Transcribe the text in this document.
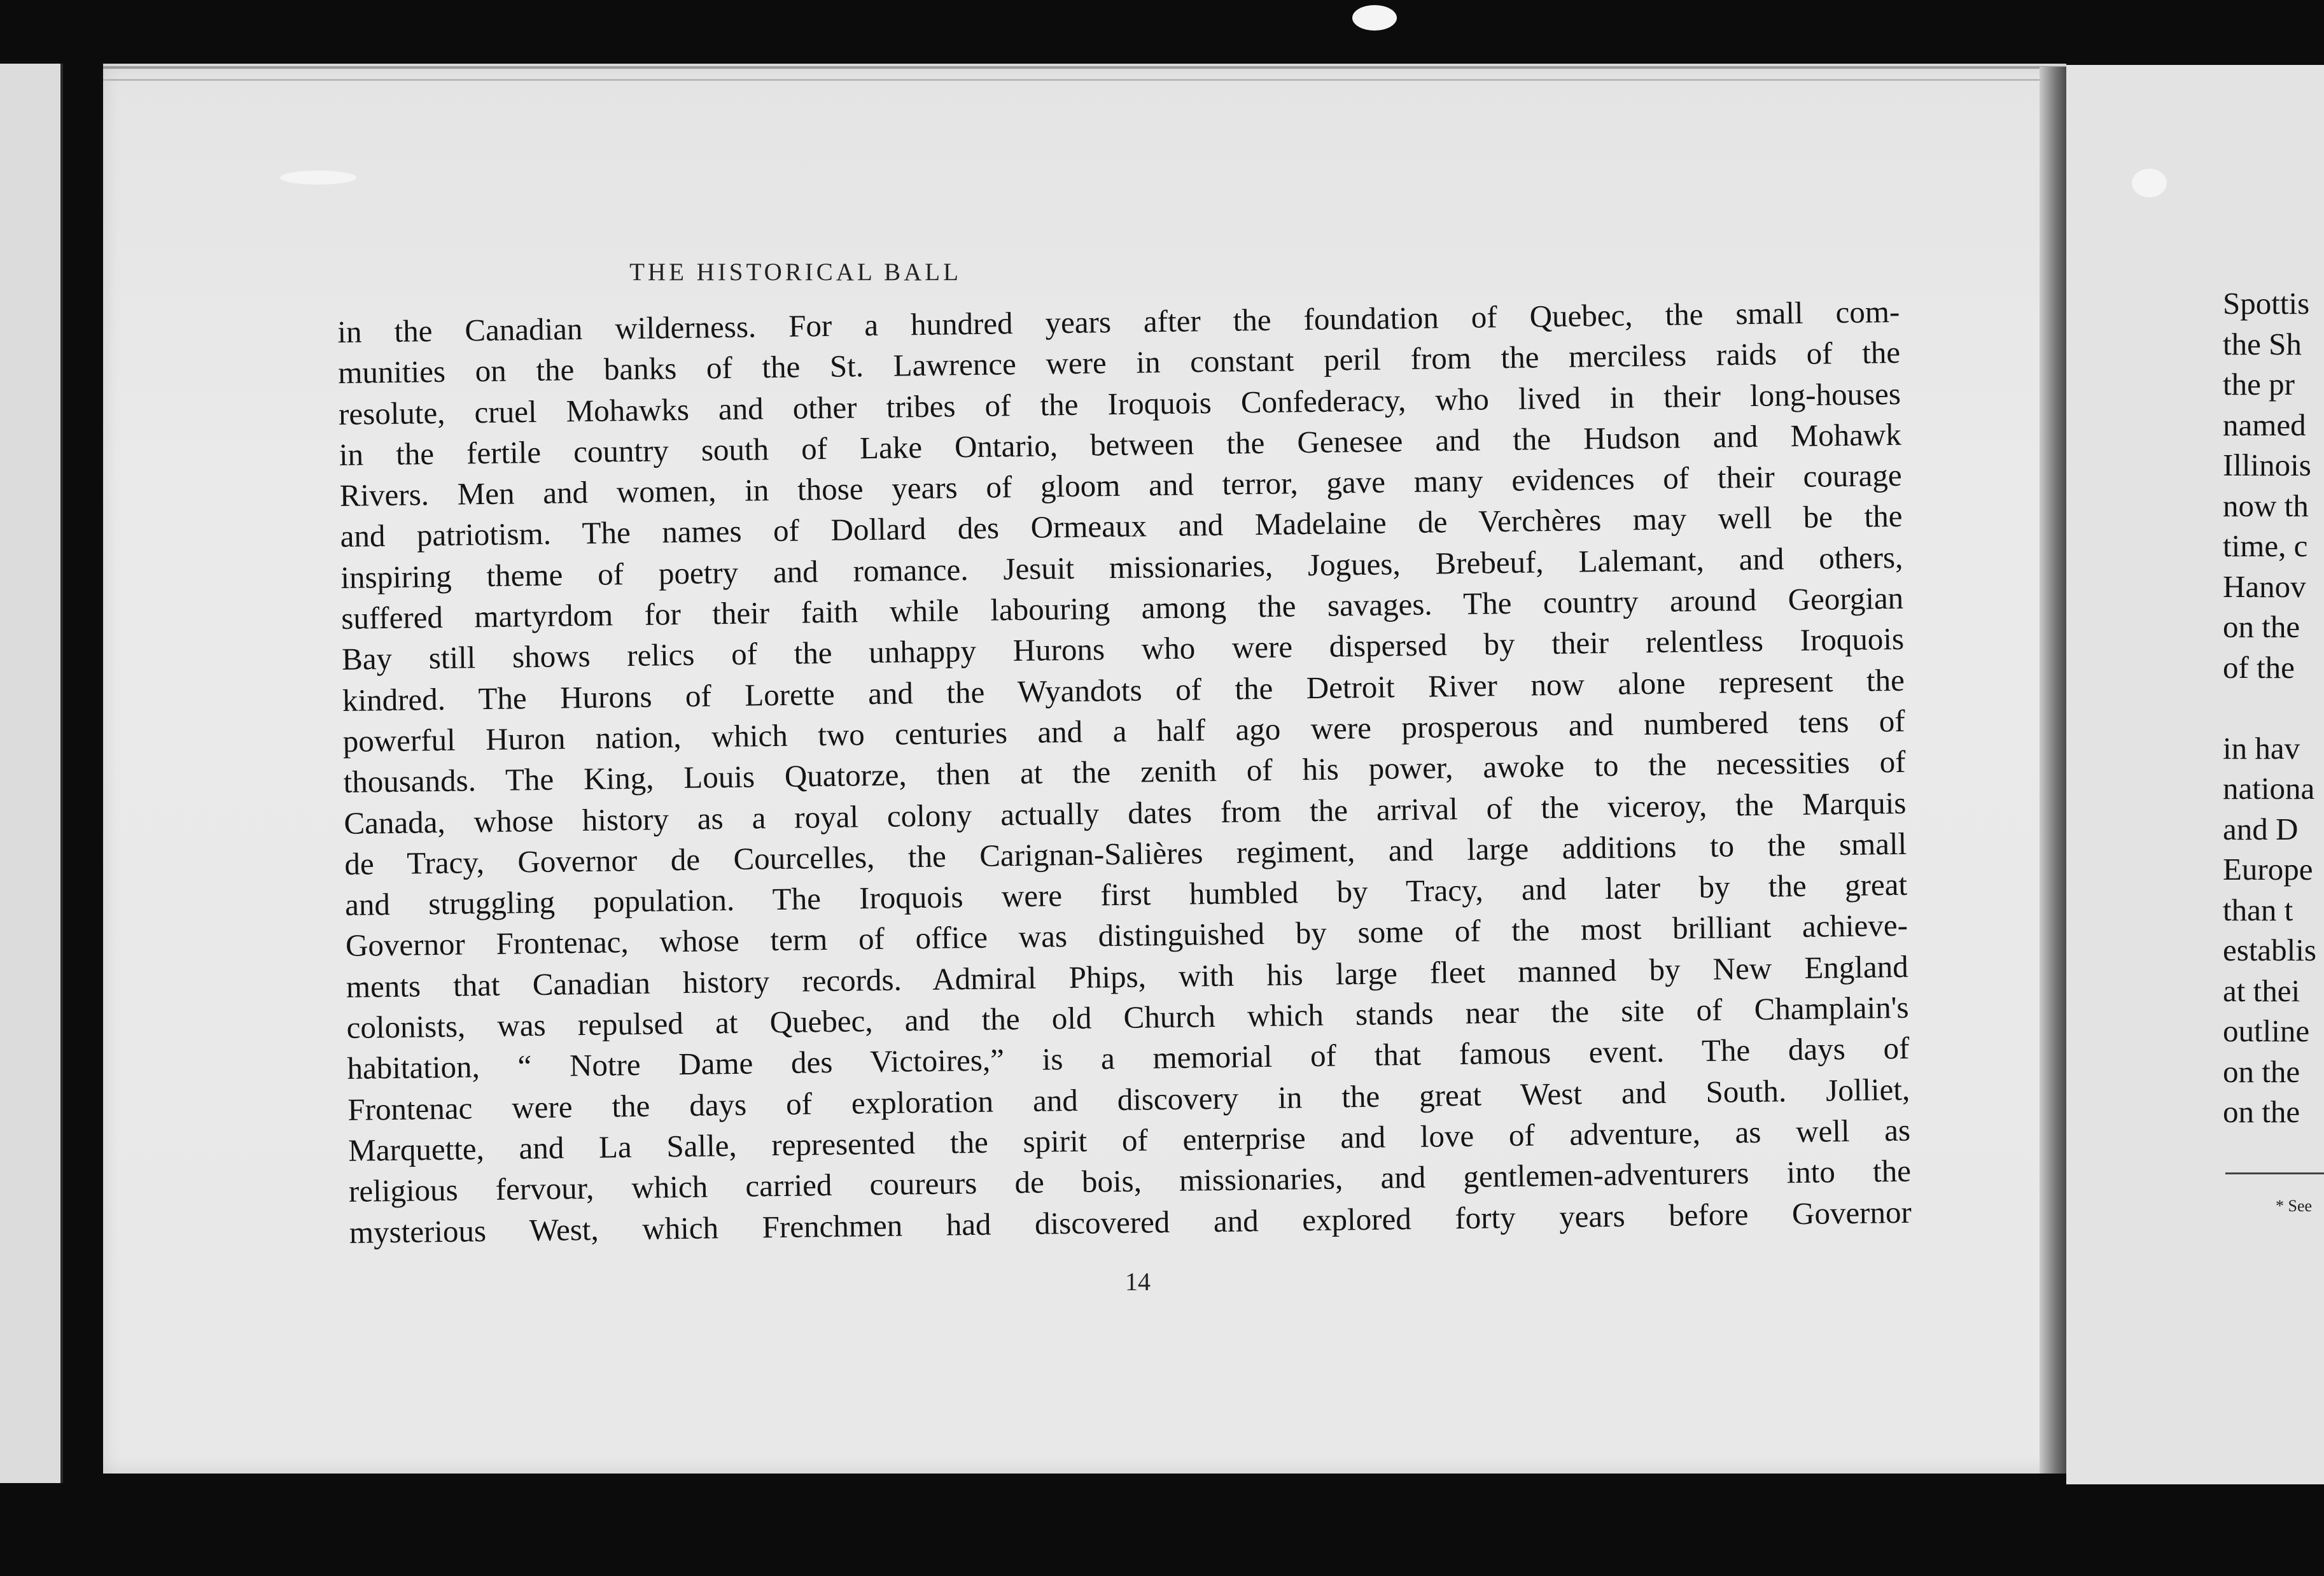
THE HISTORICAL BALL
in the Canadian wilderness. For a hundred years after the foundation of Quebec, the small com-
munities on the banks of the St. Lawrence were in constant peril from the merciless raids of the
resolute, cruel Mohawks and other tribes of the Iroquois Confederacy, who lived in their long-houses
in the fertile country south of Lake Ontario, between the Genesee and the Hudson and Mohawk
Rivers. Men and women, in those years of gloom and terror, gave many evidences of their courage
and patriotism. The names of Dollard des Ormeaux and Madelaine de Verchères may well be the
inspiring theme of poetry and romance. Jesuit missionaries, Jogues, Brebeuf, Lalemant, and others,
suffered martyrdom for their faith while labouring among the savages. The country around Georgian
Bay still shows relics of the unhappy Hurons who were dispersed by their relentless Iroquois
kindred. The Hurons of Lorette and the Wyandots of the Detroit River now alone represent the
powerful Huron nation, which two centuries and a half ago were prosperous and numbered tens of
thousands. The King, Louis Quatorze, then at the zenith of his power, awoke to the necessities of
Canada, whose history as a royal colony actually dates from the arrival of the viceroy, the Marquis
de Tracy, Governor de Courcelles, the Carignan-Salières regiment, and large additions to the small
and struggling population. The Iroquois were first humbled by Tracy, and later by the great
Governor Frontenac, whose term of office was distinguished by some of the most brilliant achieve-
ments that Canadian history records. Admiral Phips, with his large fleet manned by New England
colonists, was repulsed at Quebec, and the old Church which stands near the site of Champlain's
habitation, “ Notre Dame des Victoires,” is a memorial of that famous event. The days of
Frontenac were the days of exploration and discovery in the great West and South. Jolliet,
Marquette, and La Salle, represented the spirit of enterprise and love of adventure, as well as
religious fervour, which carried coureurs de bois, missionaries, and gentlemen-adventurers into the
mysterious West, which Frenchmen had discovered and explored forty years before Governor
14
Spottis
the Sh
the pr
named
Illinois
now th
time, c
Hanov
on the
of the
in hav
nationa
and D
Europe
than t
establis
at thei
outline
on the
on the
* See
